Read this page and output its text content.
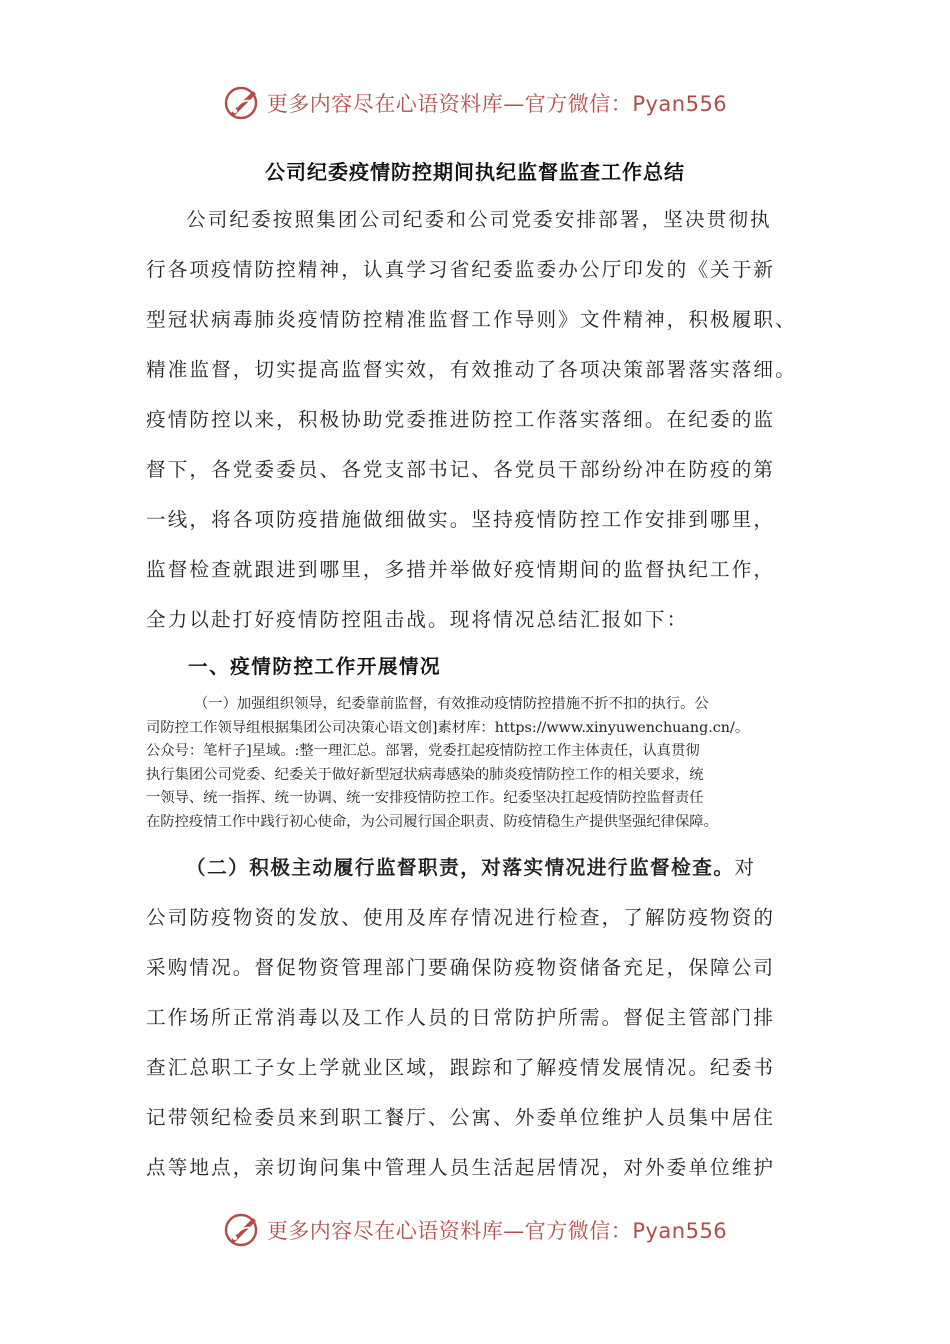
更多内容尽在心语资料库—官方微信：Pyan556
公司纪委疫情防控期间执纪监督监查工作总结
公司纪委按照集团公司纪委和公司党委安排部署，坚决贯彻执
行各项疫情防控精神，认真学习省纪委监委办公厅印发的《关于新
型冠状病毒肺炎疫情防控精准监督工作导则》文件精神，积极履职、
精准监督，切实提高监督实效，有效推动了各项决策部署落实落细。
疫情防控以来，积极协助党委推进防控工作落实落细。在纪委的监
督下，各党委委员、各党支部书记、各党员干部纷纷冲在防疫的第
一线，将各项防疫措施做细做实。坚持疫情防控工作安排到哪里，
监督检查就跟进到哪里，多措并举做好疫情期间的监督执纪工作，
全力以赴打好疫情防控阻击战。现将情况总结汇报如下：
一、疫情防控工作开展情况
（一）加强组织领导，纪委靠前监督，有效推动疫情防控措施不折不扣的执行。公
司防控工作领导组根据集团公司决策心语文创]素材库：https://www.xinyuwenchuang.cn/。
公众号：笔杆子]星域。:整一理汇总。部署，党委扛起疫情防控工作主体责任，认真贯彻
执行集团公司党委、纪委关于做好新型冠状病毒感染的肺炎疫情防控工作的相关要求，统
一领导、统一指挥、统一协调、统一安排疫情防控工作。纪委坚决扛起疫情防控监督责任
在防控疫情工作中践行初心使命，为公司履行国企职责、防疫情稳生产提供坚强纪律保障。
（二）积极主动履行监督职责，对落实情况进行监督检查。对
公司防疫物资的发放、使用及库存情况进行检查，了解防疫物资的
采购情况。督促物资管理部门要确保防疫物资储备充足，保障公司
工作场所正常消毒以及工作人员的日常防护所需。督促主管部门排
查汇总职工子女上学就业区域，跟踪和了解疫情发展情况。纪委书
记带领纪检委员来到职工餐厅、公寓、外委单位维护人员集中居住
点等地点，亲切询问集中管理人员生活起居情况，对外委单位维护
更多内容尽在心语资料库—官方微信：Pyan556
